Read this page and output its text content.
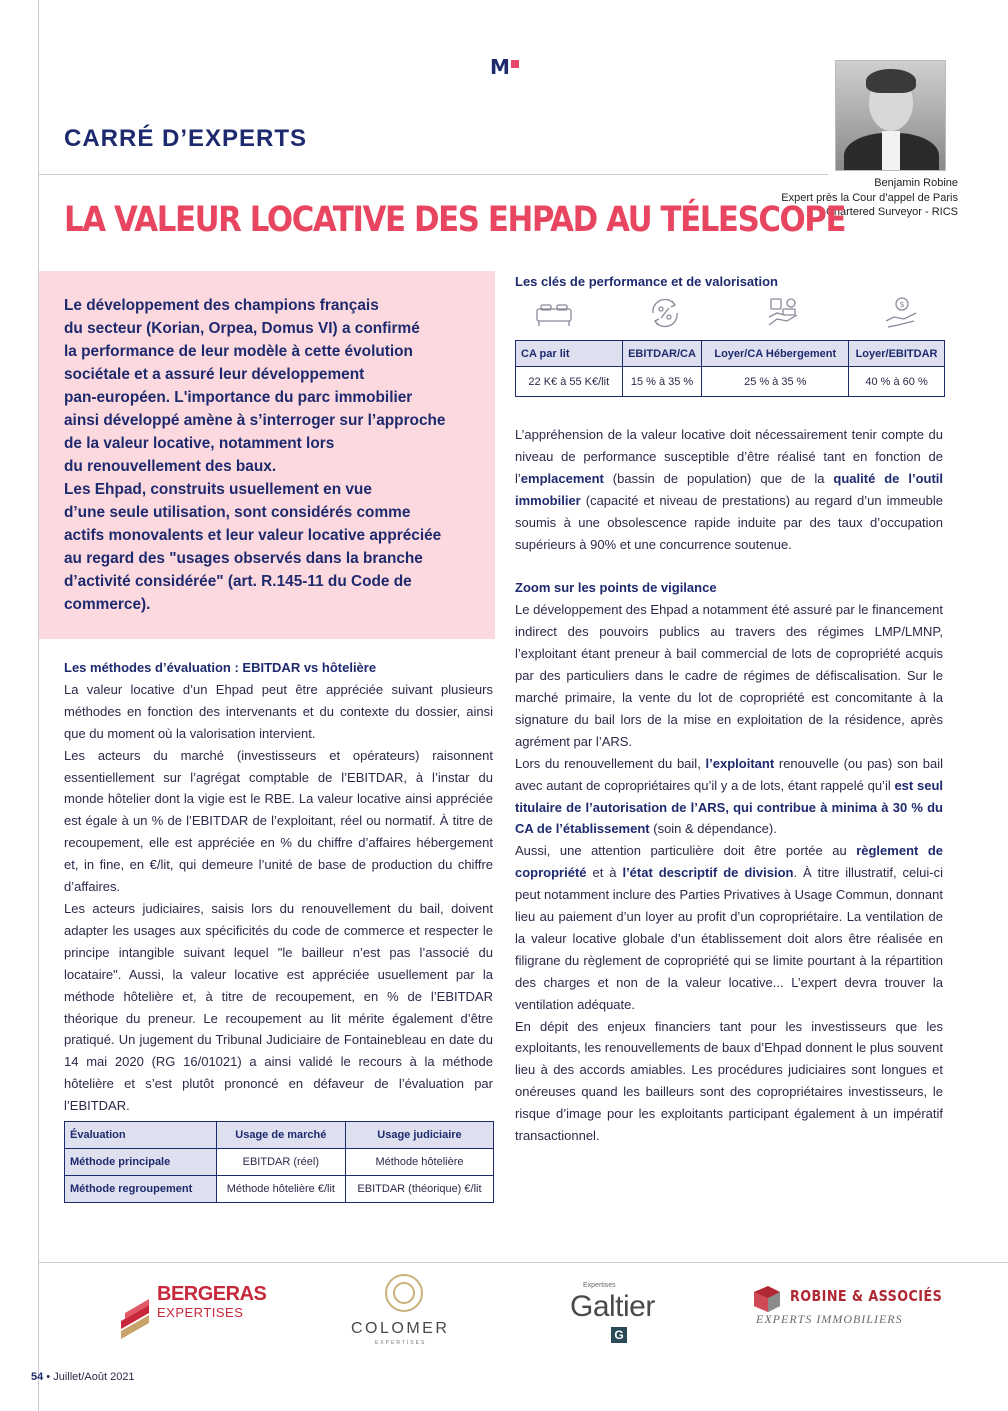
M
CARRÉ D’EXPERTS
Benjamin Robine
Expert près la Cour d’appel de Paris
Chartered Surveyor - RICS
LA VALEUR LOCATIVE DES EHPAD AU TÉLESCOPE

Le développement des champions français
du secteur (Korian, Orpea, Domus VI) a confirmé
la performance de leur modèle à cette évolution
sociétale et a assuré leur développement
pan-européen. L'importance du parc immobilier
ainsi développé amène à s’interroger sur l’approche
de la valeur locative, notamment lors
du renouvellement des baux.
Les Ehpad, construits usuellement en vue
d’une seule utilisation, sont considérés comme
actifs monovalents et leur valeur locative appréciée
au regard des "usages observés dans la branche
d’activité considérée" (art. R.145-11 du Code de
commerce).

Les méthodes d’évaluation : EBITDAR vs hôtelière

La valeur locative d’un Ehpad peut être appréciée suivant plusieurs méthodes en fonction des intervenants et du contexte du dossier, ainsi que du moment où la valorisation intervient.

Les acteurs du marché (investisseurs et opérateurs) raisonnent essentiellement sur l’agrégat comptable de l’EBITDAR, à l’instar du monde hôtelier dont la vigie est le RBE. La valeur locative ainsi appréciée est égale à un % de l’EBITDAR de l’exploitant, réel ou normatif. À titre de recoupement, elle est appréciée en % du chiffre d’affaires hébergement et, in fine, en €/lit, qui demeure l’unité de base de production du chiffre d’affaires.

Les acteurs judiciaires, saisis lors du renouvellement du bail, doivent adapter les usages aux spécificités du code de commerce et respecter le principe intangible suivant lequel "le bailleur n’est pas l’associé du locataire". Aussi, la valeur locative est appréciée usuellement par la méthode hôtelière et, à titre de recoupement, en % de l’EBITDAR théorique du preneur. Le recoupement au lit mérite également d’être pratiqué. Un jugement du Tribunal Judiciaire de Fontainebleau en date du 14 mai 2020 (RG 16/01021) a ainsi validé le recours à la méthode hôtelière et s’est plutôt prononcé en défaveur de l’évaluation par l’EBITDAR.

Évaluation	Usage de marché	Usage judiciaire
Méthode principale	EBITDAR (réel)	Méthode hôtelière
Méthode regroupement	Méthode hôtelière €/lit	EBITDAR (théorique) €/lit
Les clés de performance et de valorisation
$
CA par lit	EBITDAR/CA	Loyer/CA Hébergement	Loyer/EBITDAR
22 K€ à 55 K€/lit	15 % à 35 %	25 % à 35 %	40 % à 60 %

L’appréhension de la valeur locative doit nécessairement tenir compte du niveau de performance susceptible d’être réalisé tant en fonction de l’emplacement (bassin de population) que de la qualité de l’outil immobilier (capacité et niveau de prestations) au regard d’un immeuble soumis à une obsolescence rapide induite par des taux d’occupation supérieurs à 90% et une concurrence soutenue.

Zoom sur les points de vigilance

Le développement des Ehpad a notamment été assuré par le financement indirect des pouvoirs publics au travers des régimes LMP/LMNP, l’exploitant étant preneur à bail commercial de lots de copropriété acquis par des particuliers dans le cadre de régimes de défiscalisation. Sur le marché primaire, la vente du lot de copropriété est concomitante à la signature du bail lors de la mise en exploitation de la résidence, après agrément par l’ARS.

Lors du renouvellement du bail, l’exploitant renouvelle (ou pas) son bail avec autant de copropriétaires qu’il y a de lots, étant rappelé qu’il est seul titulaire de l’autorisation de l’ARS, qui contribue à minima à 30 % du CA de l’établissement (soin & dépendance).

Aussi, une attention particulière doit être portée au règlement de copropriété et à l’état descriptif de division. À titre illustratif, celui-ci peut notamment inclure des Parties Privatives à Usage Commun, donnant lieu au paiement d’un loyer au profit d’un copropriétaire. La ventilation de la valeur locative globale d’un établissement doit alors être réalisée en filigrane du règlement de copropriété qui se limite pourtant à la répartition des charges et non de la valeur locative... L’expert devra trouver la ventilation adéquate.

En dépit des enjeux financiers tant pour les investisseurs que les exploitants, les renouvellements de baux d’Ehpad donnent le plus souvent lieu à des accords amiables. Les procédures judiciaires sont longues et onéreuses quand les bailleurs sont des copropriétaires investisseurs, le risque d’image pour les exploitants participant également à un impératif transactionnel.

BERGERAS
EXPERTISES
COLOMER
EXPERTISES
Expertises
Galtier
G
ROBINE & ASSOCIÉS
EXPERTS IMMOBILIERS
54 • Juillet/Août 2021
